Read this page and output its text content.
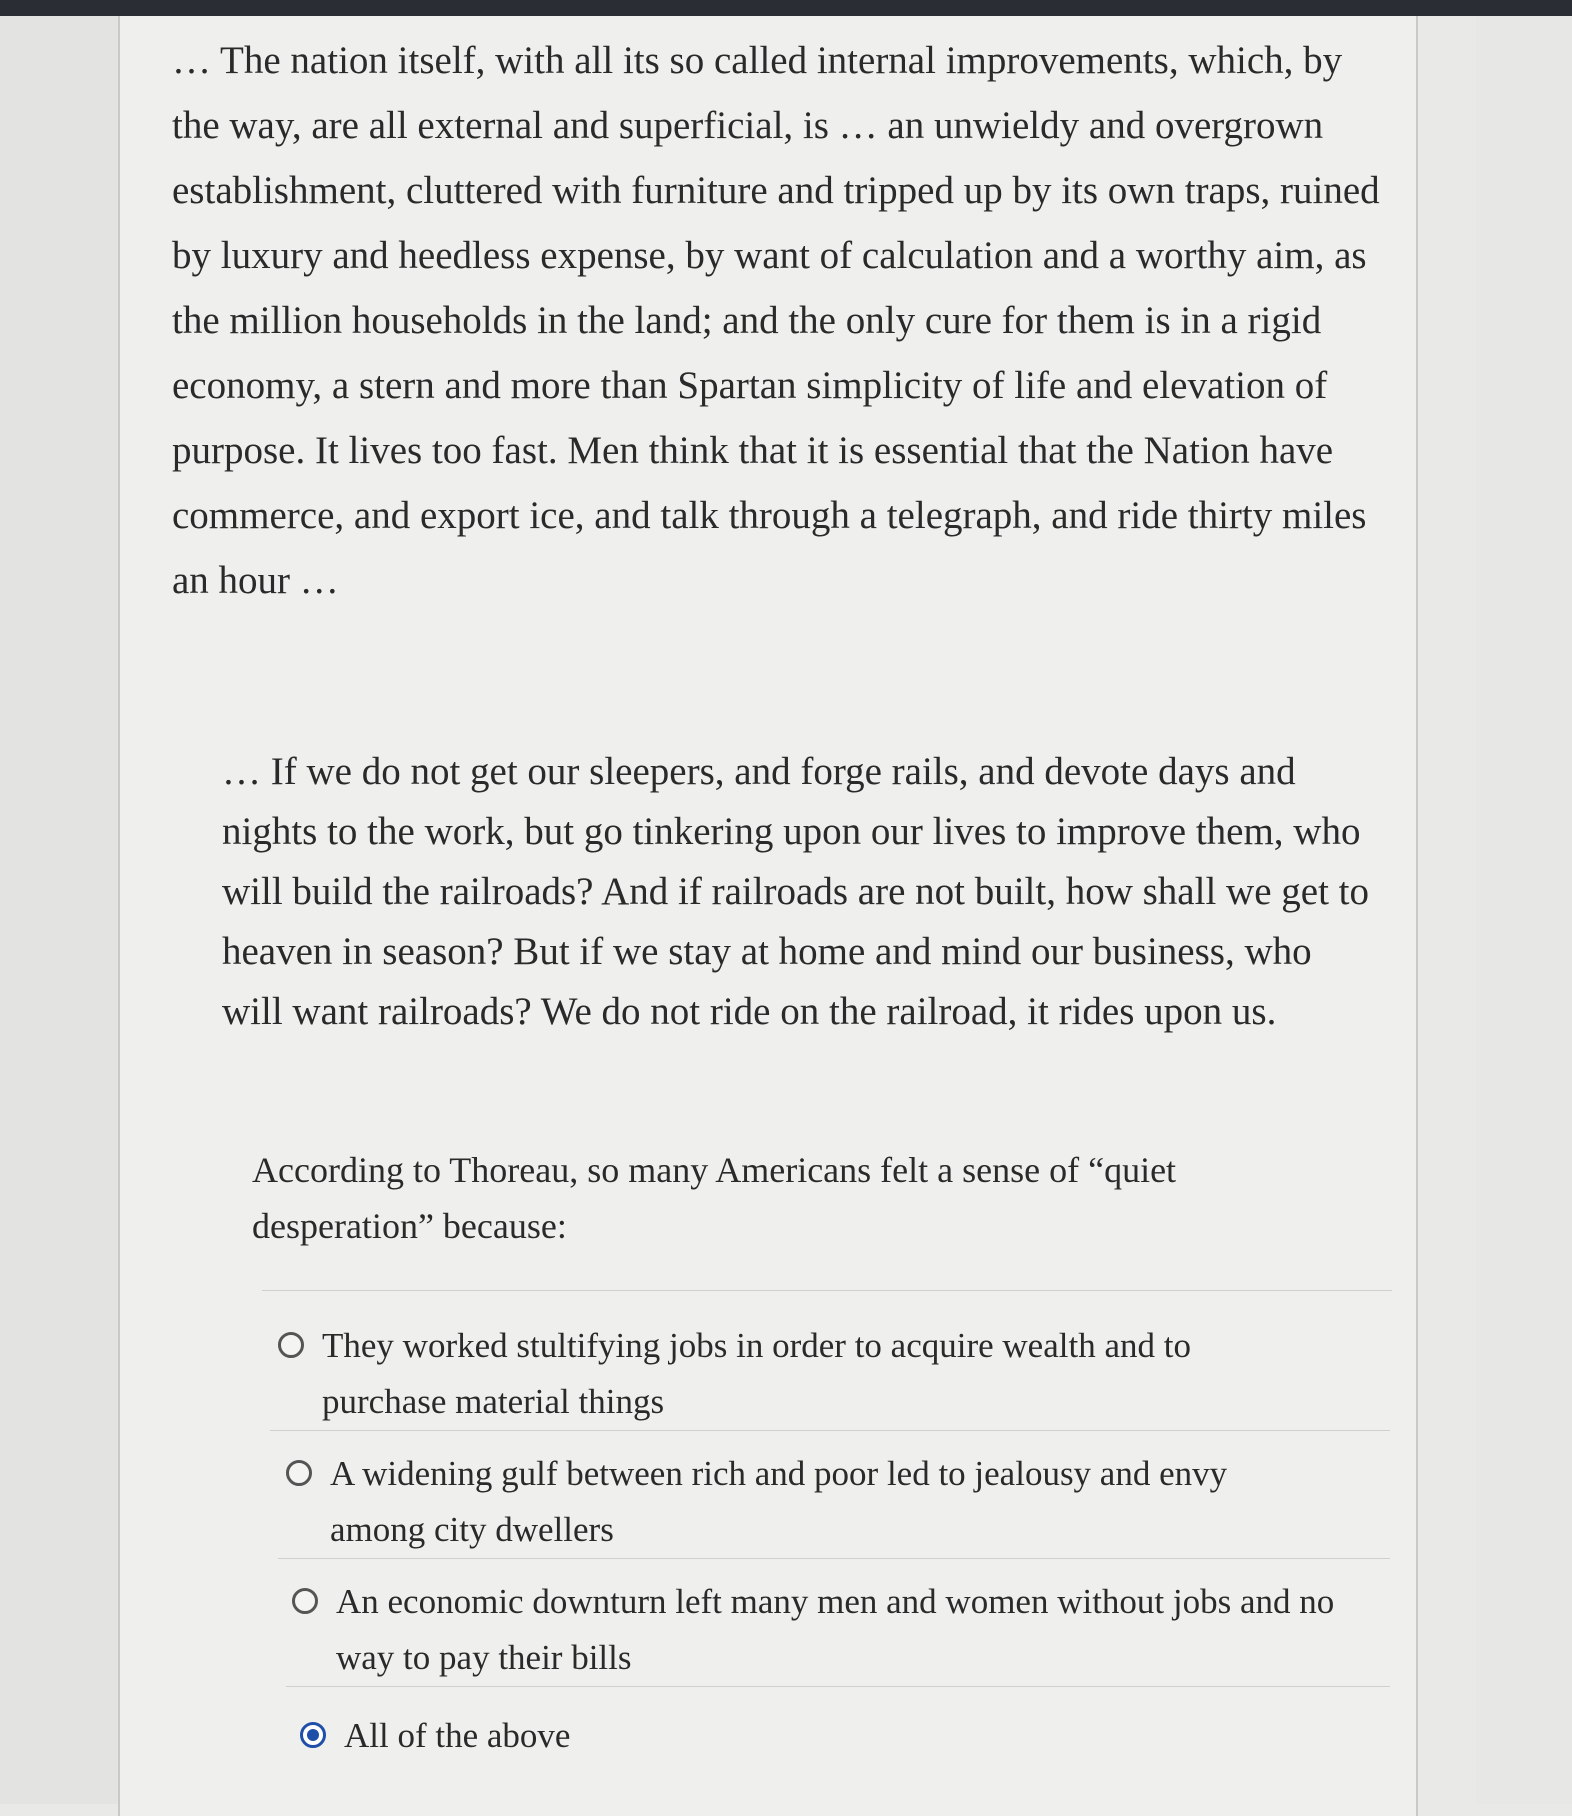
… The nation itself, with all its so called internal improvements, which, by the way, are all external and superficial, is … an unwieldy and overgrown establishment, cluttered with furniture and tripped up by its own traps, ruined by luxury and heedless expense, by want of calculation and a worthy aim, as the million households in the land; and the only cure for them is in a rigid economy, a stern and more than Spartan simplicity of life and elevation of purpose. It lives too fast. Men think that it is essential that the Nation have commerce, and export ice, and talk through a telegraph, and ride thirty miles an hour …

… If we do not get our sleepers, and forge rails, and devote days and nights to the work, but go tinkering upon our lives to improve them, who will build the railroads? And if railroads are not built, how shall we get to heaven in season? But if we stay at home and mind our business, who will want railroads? We do not ride on the railroad, it rides upon us.

According to Thoreau, so many Americans felt a sense of “quiet desperation” because:

They worked stultifying jobs in order to acquire wealth and to purchase material things
A widening gulf between rich and poor led to jealousy and envy among city dwellers
An economic downturn left many men and women without jobs and no way to pay their bills
All of the above
